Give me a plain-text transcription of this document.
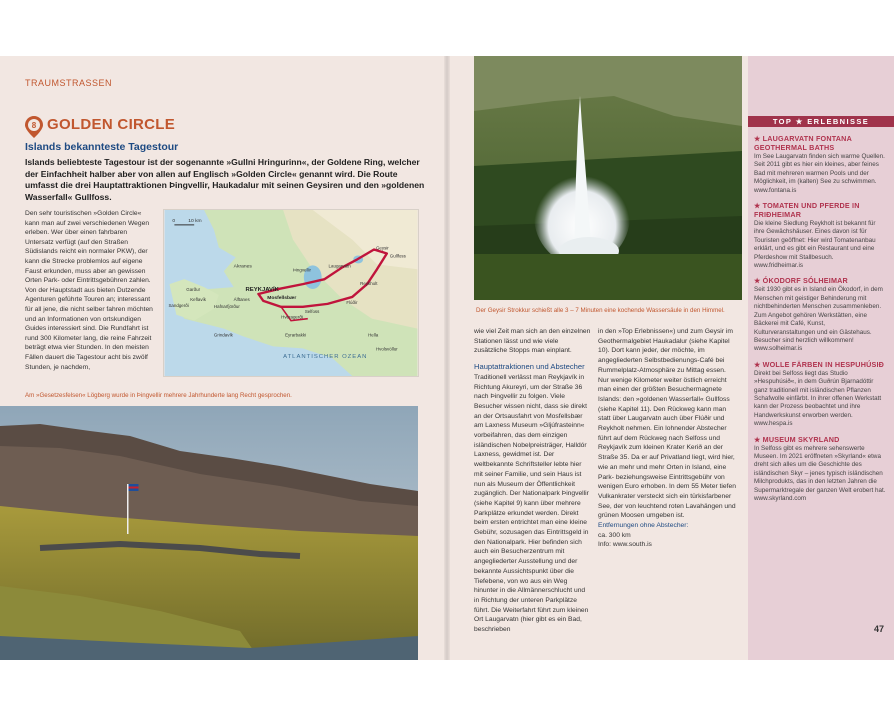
TRAUMSTRASSEN
8 GOLDEN CIRCLE
Islands bekannteste Tagestour
Islands beliebteste Tagestour ist der sogenannte »Gullni Hringurinn«, der Goldene Ring, welcher der Einfachheit halber aber von allen auf Englisch »Golden Circle« genannt wird. Die Route umfasst die drei Hauptattraktionen Þingvellir, Haukadalur mit seinen Geysiren und den »goldenen Wasserfall« Gullfoss.
Den sehr touristischen »Golden Circle« kann man auf zwei verschiedenen Wegen erleben. Wer über einen fahrbaren Untersatz verfügt (auf den Straßen Südislands reicht ein normaler PKW), der kann die Strecke problemlos auf eigene Faust erkunden, muss aber an gewissen Orten Park- oder Eintrittsgebühren zahlen. Von der Hauptstadt aus bieten Dutzende Agenturen geführte Touren an; interessant für all jene, die nicht selber fahren möchten und an Informationen von ortskundigen Guides interessiert sind. Die Rundfahrt ist rund 300 Kilometer lang, die reine Fahrzeit beträgt etwa vier Stunden. In den meisten Fällen dauert die Tagestour acht bis zwölf Stunden, je nachdem,
0	10 km
ATLANTISCHER OZEAN
Akranes
REYKJAVÍK
Álftanes
Hafnarfjörður
Garður
Keflavík
Sandgerði
Grindavík
Mosfellsbær
Hveragerði
Selfoss
Eyrarbakki
Flúðir
Geysir
Gullfoss
Hella
Hvolsvöllur
Þingvellir
Laugarvatn
Reykholt
Am »Gesetzesfelsen« Lögberg wurde in Þingvellir mehrere Jahrhunderte lang Recht gesprochen.
Der Geysir Strokkur schießt alle 3 – 7 Minuten eine kochende Wassersäule in den Himmel.
wie viel Zeit man sich an den einzelnen Stationen lässt und wie viele zusätzliche Stopps man einplant.
Hauptattraktionen und Abstecher
Traditionell verlässt man Reykjavík in Richtung Akureyri, um der Straße 36 nach Þingvellir zu folgen. Viele Besucher wissen nicht, dass sie direkt an der Ortsausfahrt von Mosfellsbær am Laxness Museum »Gljúfrasteinn« vorbeifahren, das dem einzigen isländischen Nobelpreisträger, Halldór Laxness, gewidmet ist. Der weltbekannte Schriftsteller lebte hier mit seiner Familie, und sein Haus ist nun als Museum der Öffentlichkeit zugänglich. Der Nationalpark Þingvellir (siehe Kapitel 9) kann über mehrere Parkplätze erkundet werden. Direkt beim ersten entrichtet man eine kleine Gebühr, sozusagen das Eintrittsgeld in den Nationalpark. Hier befinden sich auch ein Besucherzentrum mit angegliederter Ausstellung und der bekannte Aussichtspunkt über die Tiefebene, von wo aus ein Weg hinunter in die Allmännerschlucht und in Richtung der unteren Parkplätze führt. Die Weiterfahrt führt zum kleinen Ort Laugarvatn (hier gibt es ein Bad, beschrieben
in den »Top Erlebnissen«) und zum Geysir im Geothermalgebiet Haukadalur (siehe Kapitel 10). Dort kann jeder, der möchte, im angegliederten Selbstbedienungs-Café bei Rummelplatz-Atmosphäre zu Mittag essen. Nur wenige Kilometer weiter östlich erreicht man einen der größten Besuchermagnete Islands: den »goldenen Wasserfall« Gullfoss (siehe Kapitel 11). Den Rückweg kann man statt über Laugarvatn auch über Flúðir und Reykholt nehmen. Ein lohnender Abstecher führt auf dem Rückweg nach Selfoss und Reykjavík zum kleinen Krater Kerið an der Straße 35. Da er auf Privatland liegt, wird hier, wie an mehr und mehr Orten in Island, eine Park- beziehungsweise Eintrittsgebühr von wenigen Euro erhoben. In dem 55 Meter tiefen Vulkankrater versteckt sich ein türkisfarbener See, der von leuchtend roten Lavahängen und grünen Moosen umgeben ist.
Entfernungen ohne Abstecher:
ca. 300 km
Info: www.south.is
TOP ★ ERLEBNISSE
★ LAUGARVATN FONTANA GEOTHERMAL BATHS
Im See Laugarvatn finden sich warme Quellen. Seit 2011 gibt es hier ein kleines, aber feines Bad mit mehreren warmen Pools und der Möglichkeit, im (kalten) See zu schwimmen.
www.fontana.is
★ TOMATEN UND PFERDE IN FRIÐHEIMAR
Die kleine Siedlung Reykholt ist bekannt für ihre Gewächshäuser. Eines davon ist für Touristen geöffnet: Hier wird Tomatenanbau erklärt, und es gibt ein Restaurant und eine Pferdeshow mit Stallbesuch.
www.fridheimar.is
★ ÓKODORF SÓLHEIMAR
Seit 1930 gibt es in Island ein Ökodorf, in dem Menschen mit geistiger Behinderung mit nichtbehinderten Menschen zusammenleben. Zum Angebot gehören Werkstätten, eine Bäckerei mit Café, Kunst, Kulturveranstaltungen und ein Gästehaus. Besucher sind herzlich willkommen!
www.solheimar.is
★ WOLLE FÄRBEN IN HESPUHÚSIÐ
Direkt bei Selfoss liegt das Studio »Hespuhúsið«, in dem Guðrún Bjarnadóttir ganz traditionell mit isländischen Pflanzen Schafwolle einfärbt. In ihrer offenen Werkstatt kann der Prozess beobachtet und ihre Handwerkskunst erworben werden.
www.hespa.is
★ MUSEUM SKYRLAND
In Selfoss gibt es mehrere sehenswerte Museen. Im 2021 eröffneten »Skyrland« etwa dreht sich alles um die Geschichte des isländischen Skyr – jenes typisch isländischen Milchprodukts, das in den letzten Jahren die Supermarktregale der ganzen Welt erobert hat.
www.skyrland.com
47
